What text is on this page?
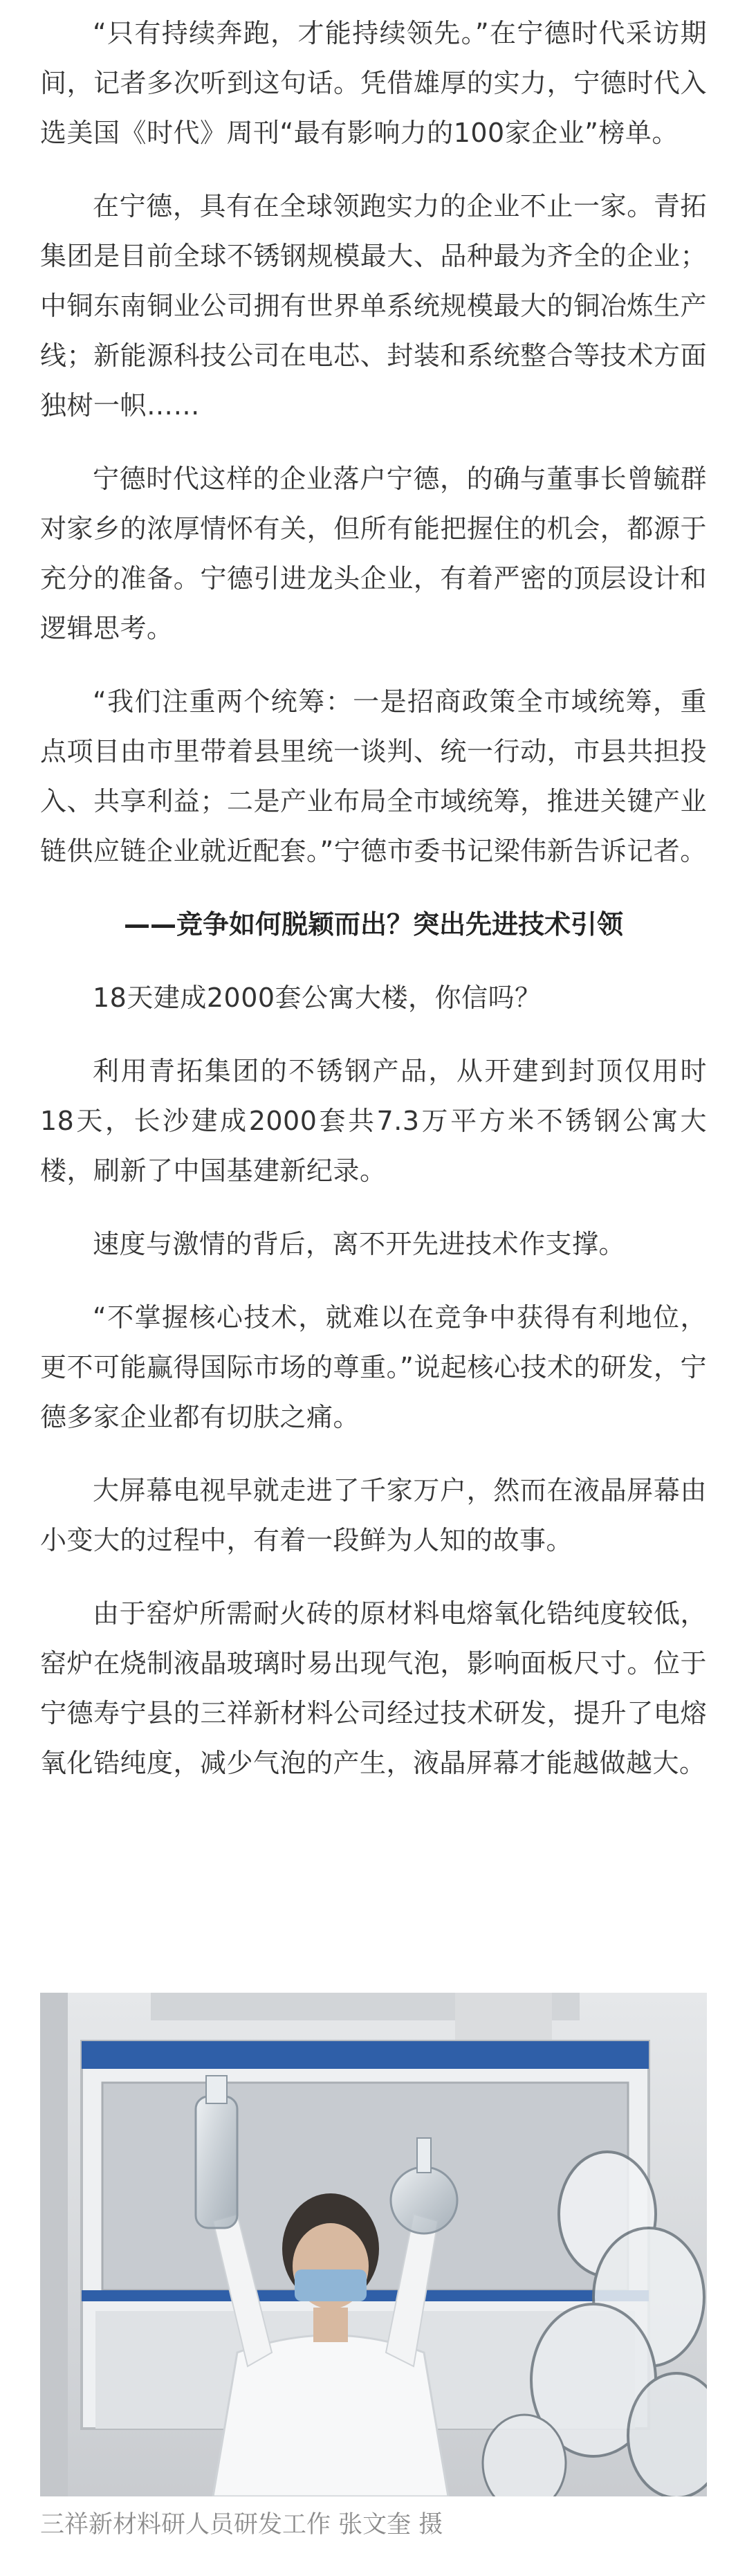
“只有持续奔跑，才能持续领先。”在宁德时代采访期间，记者多次听到这句话。凭借雄厚的实力，宁德时代入选美国《时代》周刊“最有影响力的100家企业”榜单。

在宁德，具有在全球领跑实力的企业不止一家。青拓集团是目前全球不锈钢规模最大、品种最为齐全的企业；中铜东南铜业公司拥有世界单系统规模最大的铜冶炼生产线；新能源科技公司在电芯、封装和系统整合等技术方面独树一帜……

宁德时代这样的企业落户宁德，的确与董事长曾毓群对家乡的浓厚情怀有关，但所有能把握住的机会，都源于充分的准备。宁德引进龙头企业，有着严密的顶层设计和逻辑思考。

“我们注重两个统筹：一是招商政策全市域统筹，重点项目由市里带着县里统一谈判、统一行动，市县共担投入、共享利益；二是产业布局全市域统筹，推进关键产业链供应链企业就近配套。”宁德市委书记梁伟新告诉记者。

——竞争如何脱颖而出？突出先进技术引领

18天建成2000套公寓大楼，你信吗？

利用青拓集团的不锈钢产品，从开建到封顶仅用时18天，长沙建成2000套共7.3万平方米不锈钢公寓大楼，刷新了中国基建新纪录。

速度与激情的背后，离不开先进技术作支撑。

“不掌握核心技术，就难以在竞争中获得有利地位，更不可能赢得国际市场的尊重。”说起核心技术的研发，宁德多家企业都有切肤之痛。

大屏幕电视早就走进了千家万户，然而在液晶屏幕由小变大的过程中，有着一段鲜为人知的故事。

由于窑炉所需耐火砖的原材料电熔氧化锆纯度较低，窑炉在烧制液晶玻璃时易出现气泡，影响面板尺寸。位于宁德寿宁县的三祥新材料公司经过技术研发，提升了电熔氧化锆纯度，减少气泡的产生，液晶屏幕才能越做越大。

三祥新材料研人员研发工作 张文奎 摄
